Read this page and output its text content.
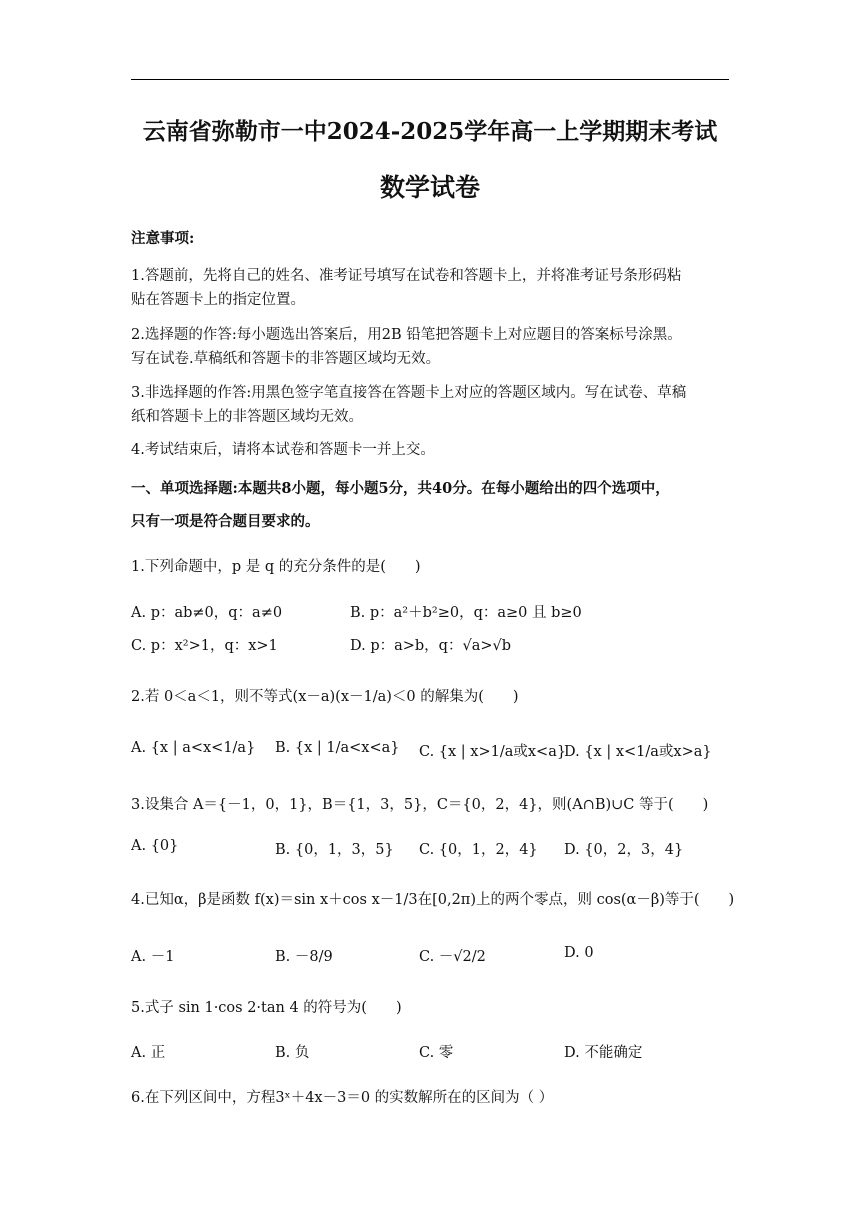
云南省弥勒市一中2024-2025学年高一上学期期末考试
数学试卷
注意事项:
1.答题前，先将自己的姓名、准考证号填写在试卷和答题卡上，并将准考证号条形码粘
贴在答题卡上的指定位置。
2.选择题的作答:每小题选出答案后，用2B 铅笔把答题卡上对应题目的答案标号涂黑。
写在试卷.草稿纸和答题卡的非答题区域均无效。
3.非选择题的作答:用黑色签字笔直接答在答题卡上对应的答题区域内。写在试卷、草稿
纸和答题卡上的非答题区域均无效。
4.考试结束后，请将本试卷和答题卡一并上交。
一、单项选择题:本题共8小题，每小题5分，共40分。在每小题给出的四个选项中，
只有一项是符合题目要求的。
1.下列命题中，p 是 q 的充分条件的是(　　)
A. p：ab≠0，q：a≠0	B. p：a²＋b²≥0，q：a≥0 且 b≥0
C. p：x²>1，q：x>1	D. p：a>b，q：√a>√b
2.若 0＜a＜1，则不等式(x－a)(x－1/a)＜0 的解集为(　　)
A. {x | a<x<1/a} B. {x | 1/a<x<a} C. {x | x>1/a或x<a}
D. {x | x<1/a或x>a}
3.设集合 A＝{－1，0，1}，B＝{1，3，5}，C＝{0，2，4}，则(A∩B)∪C 等于(　　)
A. {0}	B. {0，1，3，5} C. {0，1，2，4} D. {0，2，3，4}
4.已知α，β是函数 f(x)＝sin x＋cos x－1/3在[0,2π)上的两个零点，则 cos(α－β)等于(　　)
A. －1	B. －8/9	C. －√2/2	D. 0
5.式子 sin 1·cos 2·tan 4 的符号为(　　)
A. 正	B. 负	C. 零	D. 不能确定
6.在下列区间中，方程3ˣ＋4x－3＝0 的实数解所在的区间为（ ）
